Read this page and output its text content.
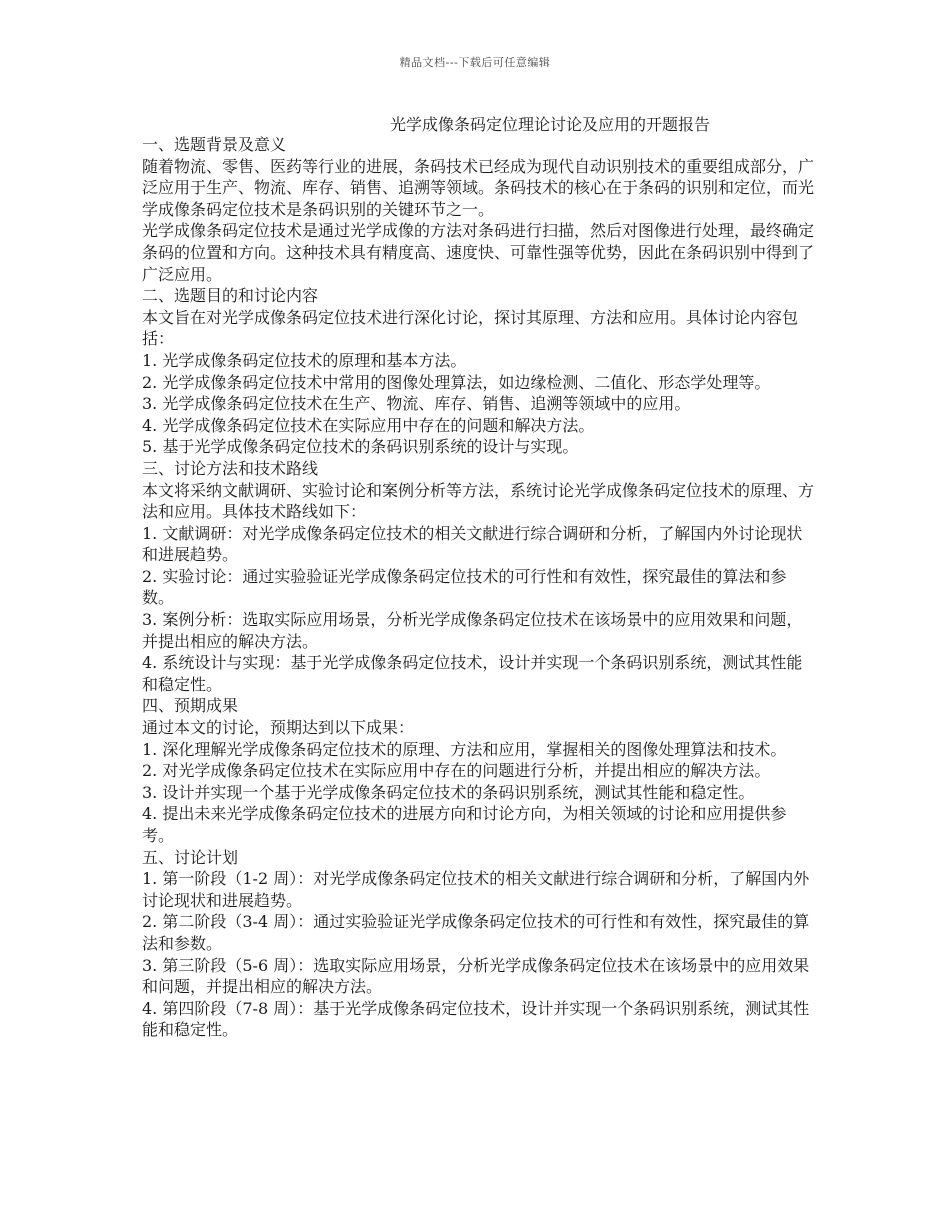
精品文档---下载后可任意编辑
光学成像条码定位理论讨论及应用的开题报告

一、选题背景及意义

随着物流、零售、医药等行业的进展，条码技术已经成为现代自动识别技术的重要组成部分，广泛应用于生产、物流、库存、销售、追溯等领域。条码技术的核心在于条码的识别和定位，而光学成像条码定位技术是条码识别的关键环节之一。

光学成像条码定位技术是通过光学成像的方法对条码进行扫描，然后对图像进行处理，最终确定条码的位置和方向。这种技术具有精度高、速度快、可靠性强等优势，因此在条码识别中得到了广泛应用。

二、选题目的和讨论内容

本文旨在对光学成像条码定位技术进行深化讨论，探讨其原理、方法和应用。具体讨论内容包括：

1. 光学成像条码定位技术的原理和基本方法。

2. 光学成像条码定位技术中常用的图像处理算法，如边缘检测、二值化、形态学处理等。

3. 光学成像条码定位技术在生产、物流、库存、销售、追溯等领域中的应用。

4. 光学成像条码定位技术在实际应用中存在的问题和解决方法。

5. 基于光学成像条码定位技术的条码识别系统的设计与实现。

三、讨论方法和技术路线

本文将采纳文献调研、实验讨论和案例分析等方法，系统讨论光学成像条码定位技术的原理、方法和应用。具体技术路线如下：

1. 文献调研：对光学成像条码定位技术的相关文献进行综合调研和分析，了解国内外讨论现状和进展趋势。

2. 实验讨论：通过实验验证光学成像条码定位技术的可行性和有效性，探究最佳的算法和参数。

3. 案例分析：选取实际应用场景，分析光学成像条码定位技术在该场景中的应用效果和问题，并提出相应的解决方法。

4. 系统设计与实现：基于光学成像条码定位技术，设计并实现一个条码识别系统，测试其性能和稳定性。

四、预期成果

通过本文的讨论，预期达到以下成果：

1. 深化理解光学成像条码定位技术的原理、方法和应用，掌握相关的图像处理算法和技术。

2. 对光学成像条码定位技术在实际应用中存在的问题进行分析，并提出相应的解决方法。

3. 设计并实现一个基于光学成像条码定位技术的条码识别系统，测试其性能和稳定性。

4. 提出未来光学成像条码定位技术的进展方向和讨论方向，为相关领域的讨论和应用提供参考。

五、讨论计划

1. 第一阶段（1-2 周）：对光学成像条码定位技术的相关文献进行综合调研和分析，了解国内外讨论现状和进展趋势。

2. 第二阶段（3-4 周）：通过实验验证光学成像条码定位技术的可行性和有效性，探究最佳的算法和参数。

3. 第三阶段（5-6 周）：选取实际应用场景，分析光学成像条码定位技术在该场景中的应用效果和问题，并提出相应的解决方法。

4. 第四阶段（7-8 周）：基于光学成像条码定位技术，设计并实现一个条码识别系统，测试其性能和稳定性。
